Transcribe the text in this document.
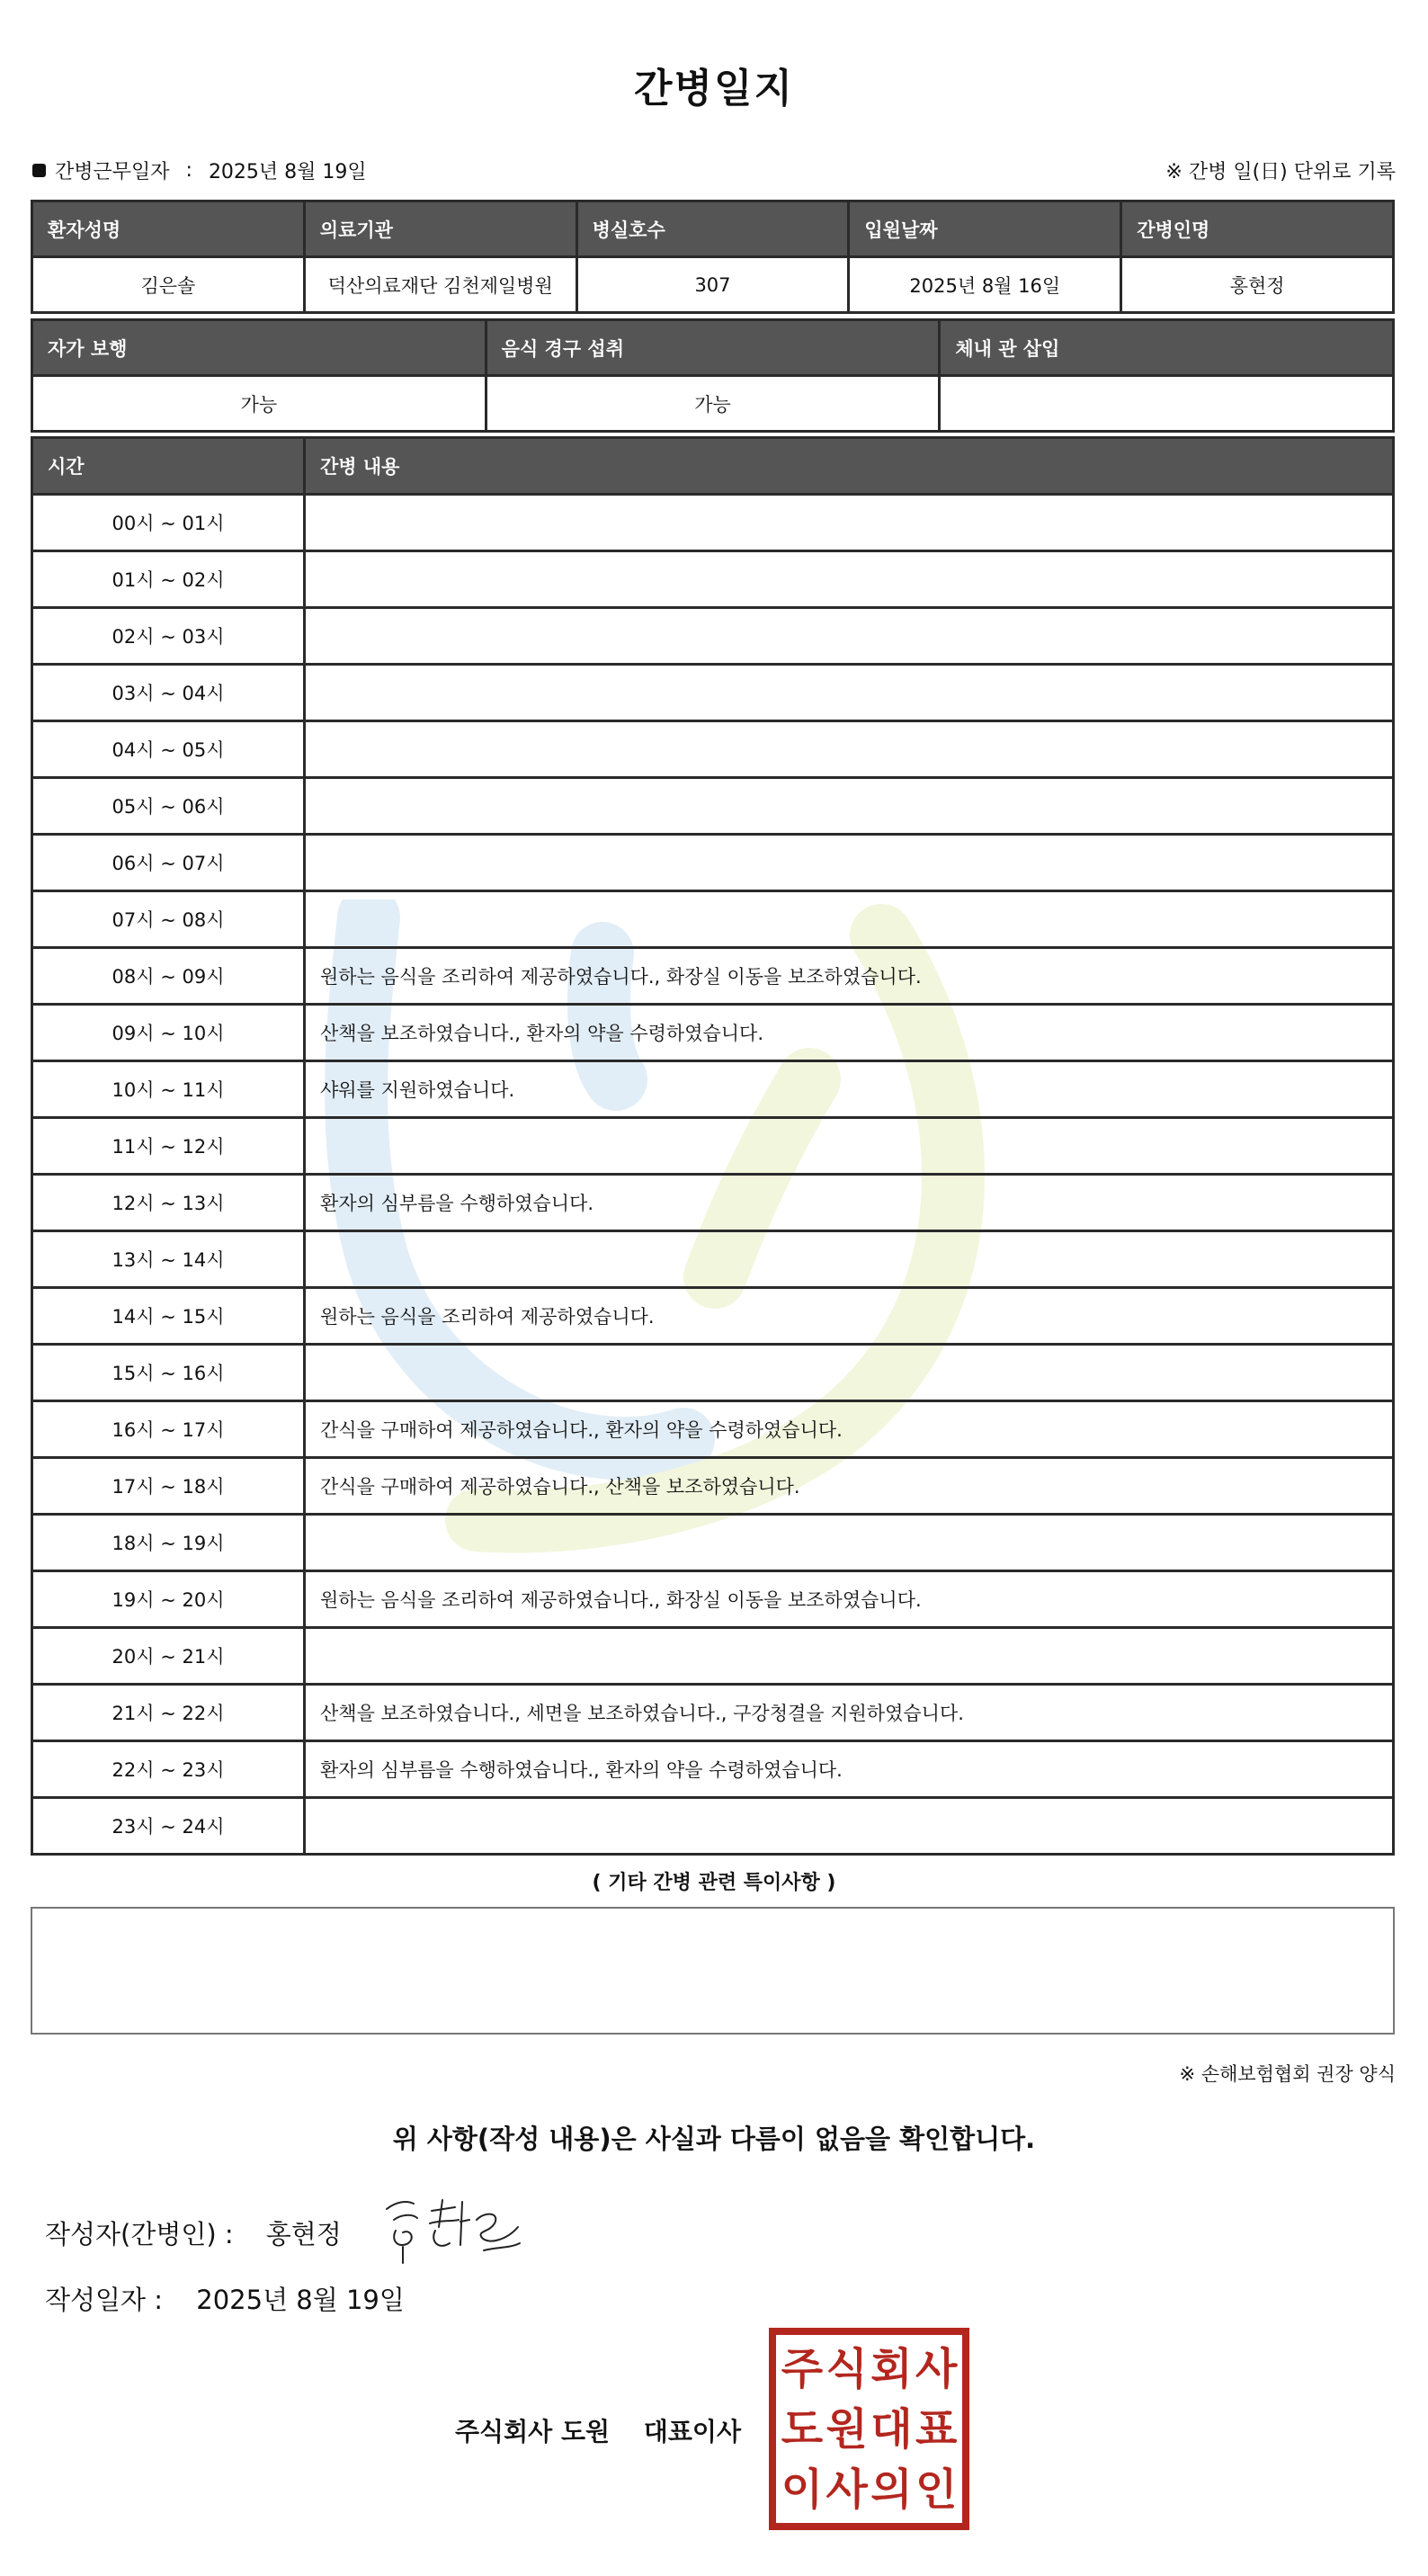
간병일지
간병근무일자 : 2025년 8월 19일	※ 간병 일(日) 단위로 기록
환자성명	의료기관	병실호수	입원날짜	간병인명
김은솔	덕산의료재단 김천제일병원	307	2025년 8월 16일	홍현정
자가 보행	음식 경구 섭취	체내 관 삽입
가능	가능	
시간	간병 내용
00시 ~ 01시	
01시 ~ 02시	
02시 ~ 03시	
03시 ~ 04시	
04시 ~ 05시	
05시 ~ 06시	
06시 ~ 07시	
07시 ~ 08시	
08시 ~ 09시	원하는 음식을 조리하여 제공하였습니다., 화장실 이동을 보조하였습니다.
09시 ~ 10시	산책을 보조하였습니다., 환자의 약을 수령하였습니다.
10시 ~ 11시	샤워를 지원하였습니다.
11시 ~ 12시	
12시 ~ 13시	환자의 심부름을 수행하였습니다.
13시 ~ 14시	
14시 ~ 15시	원하는 음식을 조리하여 제공하였습니다.
15시 ~ 16시	
16시 ~ 17시	간식을 구매하여 제공하였습니다., 환자의 약을 수령하였습니다.
17시 ~ 18시	간식을 구매하여 제공하였습니다., 산책을 보조하였습니다.
18시 ~ 19시	
19시 ~ 20시	원하는 음식을 조리하여 제공하였습니다., 화장실 이동을 보조하였습니다.
20시 ~ 21시	
21시 ~ 22시	산책을 보조하였습니다., 세면을 보조하였습니다., 구강청결을 지원하였습니다.
22시 ~ 23시	환자의 심부름을 수행하였습니다., 환자의 약을 수령하였습니다.
23시 ~ 24시	
( 기타 간병 관련 특이사항 )
※ 손해보험협회 권장 양식
위 사항(작성 내용)은 사실과 다름이 없음을 확인합니다.
작성자(간병인) : 홍현정
작성일자 : 2025년 8월 19일
주식회사 도원 대표이사
주 식 회 사
도 원 대 표
이 사 의 인
